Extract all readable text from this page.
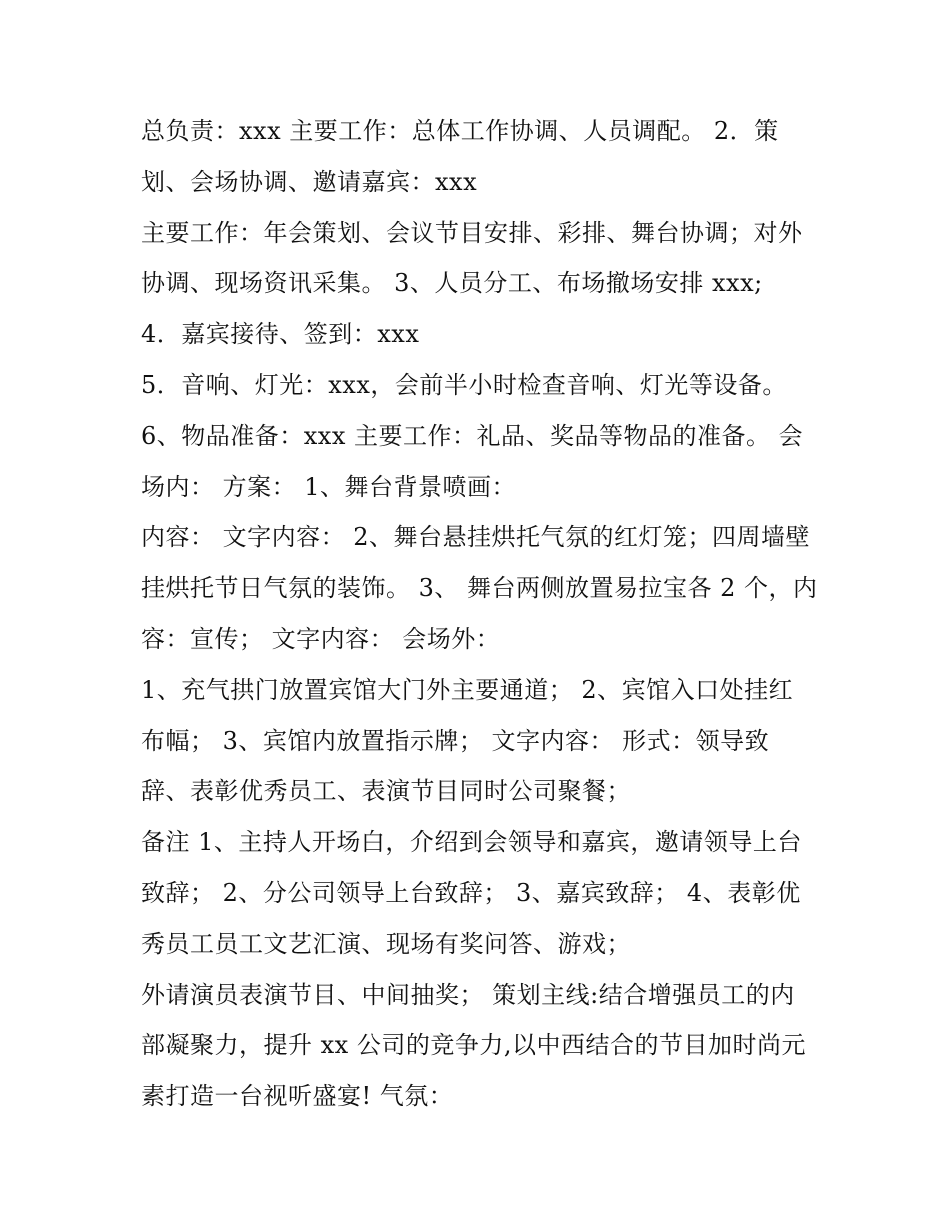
总负责：xxx 主要工作：总体工作协调、人员调配。 2．策
划、会场协调、邀请嘉宾：xxx
主要工作：年会策划、会议节目安排、彩排、舞台协调；对外
协调、现场资讯采集。 3、人员分工、布场撤场安排 xxx;
4．嘉宾接待、签到：xxx
5．音响、灯光：xxx，会前半小时检查音响、灯光等设备。
6、物品准备：xxx 主要工作：礼品、奖品等物品的准备。 会
场内： 方案： 1、舞台背景喷画：
内容： 文字内容： 2、舞台悬挂烘托气氛的红灯笼；四周墙壁
挂烘托节日气氛的装饰。 3、 舞台两侧放置易拉宝各 2 个，内
容：宣传； 文字内容： 会场外：
1、充气拱门放置宾馆大门外主要通道； 2、宾馆入口处挂红
布幅； 3、宾馆内放置指示牌； 文字内容： 形式：领导致
辞、表彰优秀员工、表演节目同时公司聚餐；
备注 1、主持人开场白，介绍到会领导和嘉宾，邀请领导上台
致辞； 2、分公司领导上台致辞； 3、嘉宾致辞； 4、表彰优
秀员工员工文艺汇演、现场有奖问答、游戏；
外请演员表演节目、中间抽奖； 策划主线:结合增强员工的内
部凝聚力，提升 xx 公司的竞争力,以中西结合的节目加时尚元
素打造一台视听盛宴! 气氛：
